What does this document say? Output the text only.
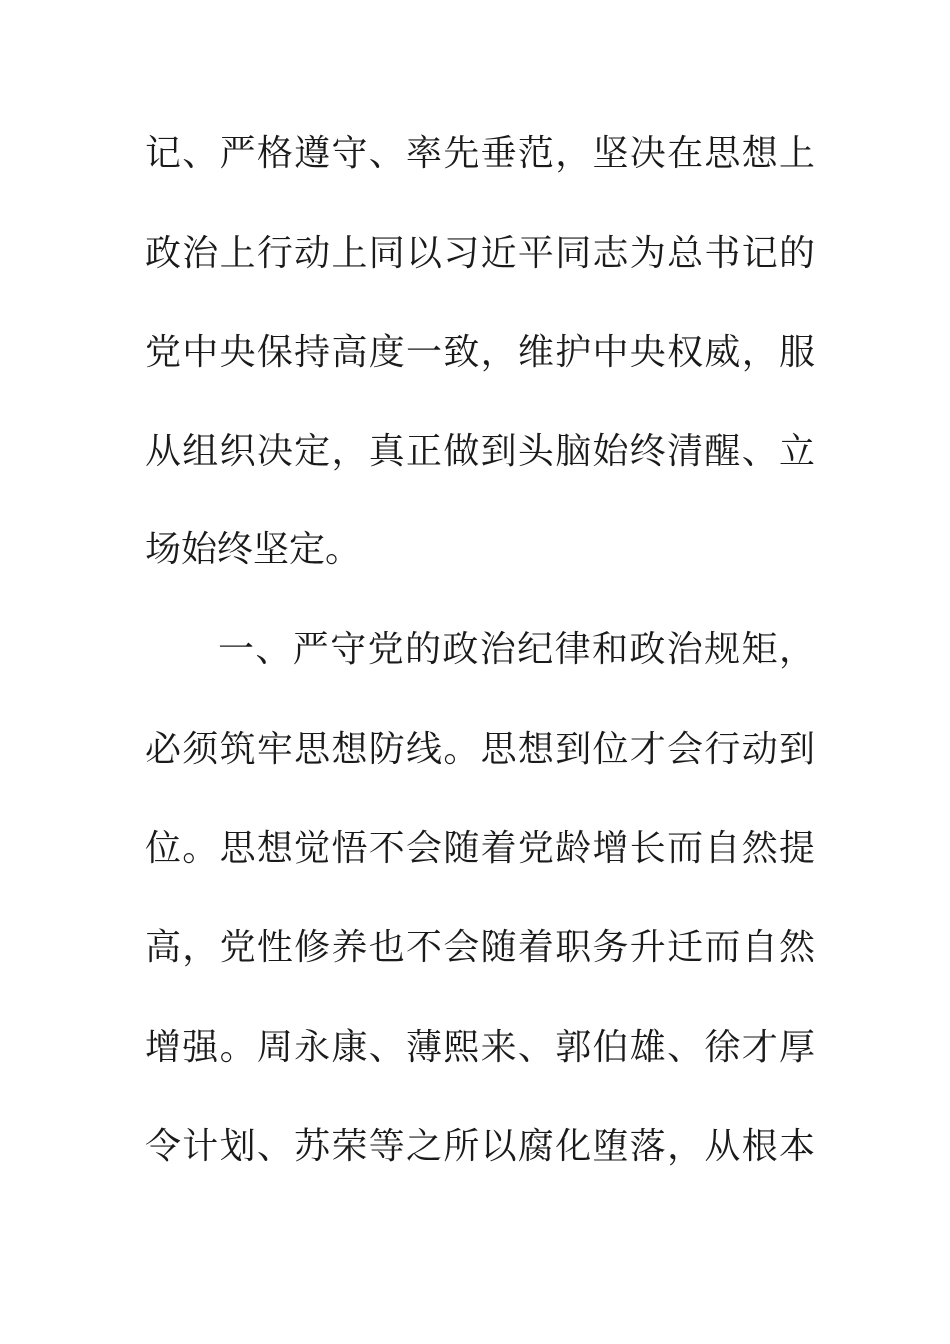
记、严格遵守、率先垂范，坚决在思想上
政治上行动上同以习近平同志为总书记的
党中央保持高度一致，维护中央权威，服
从组织决定，真正做到头脑始终清醒、立
场始终坚定。
一、严守党的政治纪律和政治规矩，
必须筑牢思想防线。思想到位才会行动到
位。思想觉悟不会随着党龄增长而自然提
高，党性修养也不会随着职务升迁而自然
增强。周永康、薄熙来、郭伯雄、徐才厚
令计划、苏荣等之所以腐化堕落，从根本
